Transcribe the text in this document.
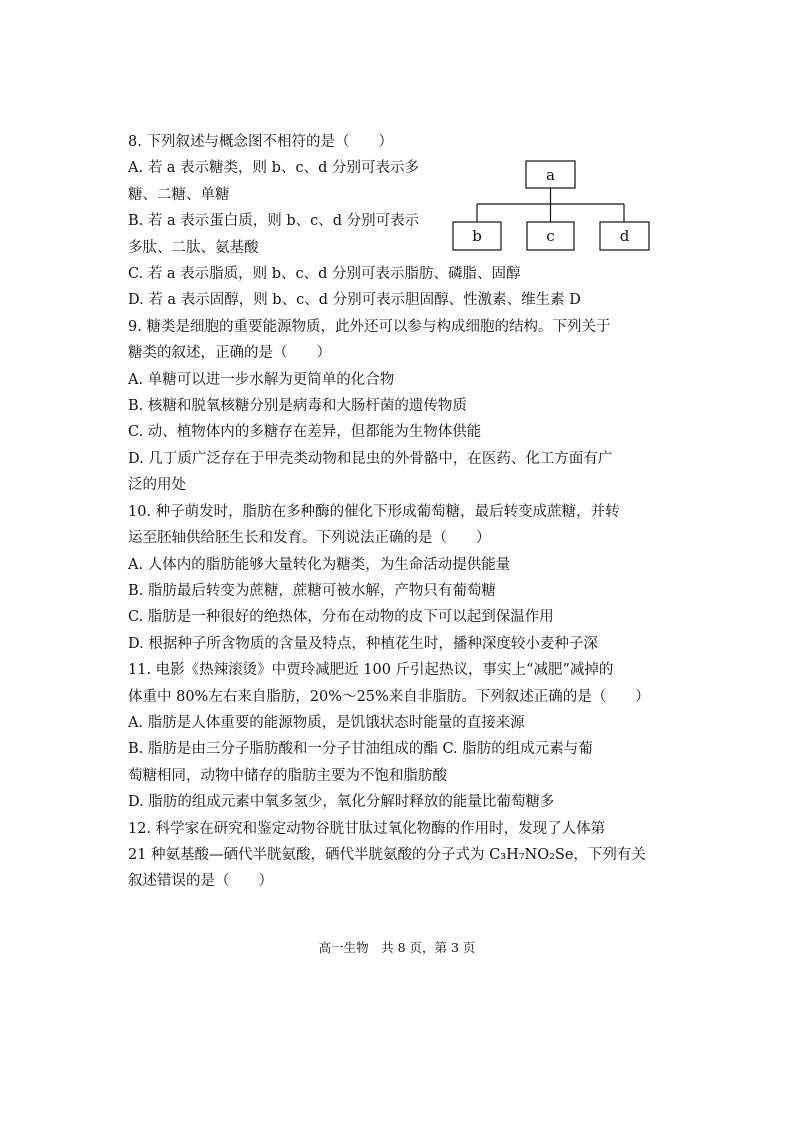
8. 下列叙述与概念图不相符的是（　　）
A. 若 a 表示糖类，则 b、c、d 分别可表示多
糖、二糖、单糖
B. 若 a 表示蛋白质，则 b、c、d 分别可表示
多肽、二肽、氨基酸
C. 若 a 表示脂质，则 b、c、d 分别可表示脂肪、磷脂、固醇
D. 若 a 表示固醇，则 b、c、d 分别可表示胆固醇、性激素、维生素 D
9. 糖类是细胞的重要能源物质，此外还可以参与构成细胞的结构。下列关于
糖类的叙述，正确的是（　　）
A. 单糖可以进一步水解为更简单的化合物
B. 核糖和脱氧核糖分别是病毒和大肠杆菌的遗传物质
C. 动、植物体内的多糖存在差异，但都能为生物体供能
D. 几丁质广泛存在于甲壳类动物和昆虫的外骨骼中，在医药、化工方面有广
泛的用处
10. 种子萌发时，脂肪在多种酶的催化下形成葡萄糖，最后转变成蔗糖，并转
运至胚轴供给胚生长和发育。下列说法正确的是（　　）
A. 人体内的脂肪能够大量转化为糖类，为生命活动提供能量
B. 脂肪最后转变为蔗糖，蔗糖可被水解，产物只有葡萄糖
C. 脂肪是一种很好的绝热体，分布在动物的皮下可以起到保温作用
D. 根据种子所含物质的含量及特点，种植花生时，播种深度较小麦种子深
11. 电影《热辣滚烫》中贾玲减肥近 100 斤引起热议，事实上“减肥”减掉的
体重中 80%左右来自脂肪，20%～25%来自非脂肪。下列叙述正确的是（　　）
A. 脂肪是人体重要的能源物质，是饥饿状态时能量的直接来源
B. 脂肪是由三分子脂肪酸和一分子甘油组成的酯 C. 脂肪的组成元素与葡
萄糖相同，动物中储存的脂肪主要为不饱和脂肪酸
D. 脂肪的组成元素中氧多氢少，氧化分解时释放的能量比葡萄糖多
12. 科学家在研究和鉴定动物谷胱甘肽过氧化物酶的作用时，发现了人体第
21 种氨基酸—硒代半胱氨酸，硒代半胱氨酸的分子式为 C₃H₇NO₂Se，下列有关
叙述错误的是（　　）
a
b	c	d
高一生物　共 8 页，第 3 页
